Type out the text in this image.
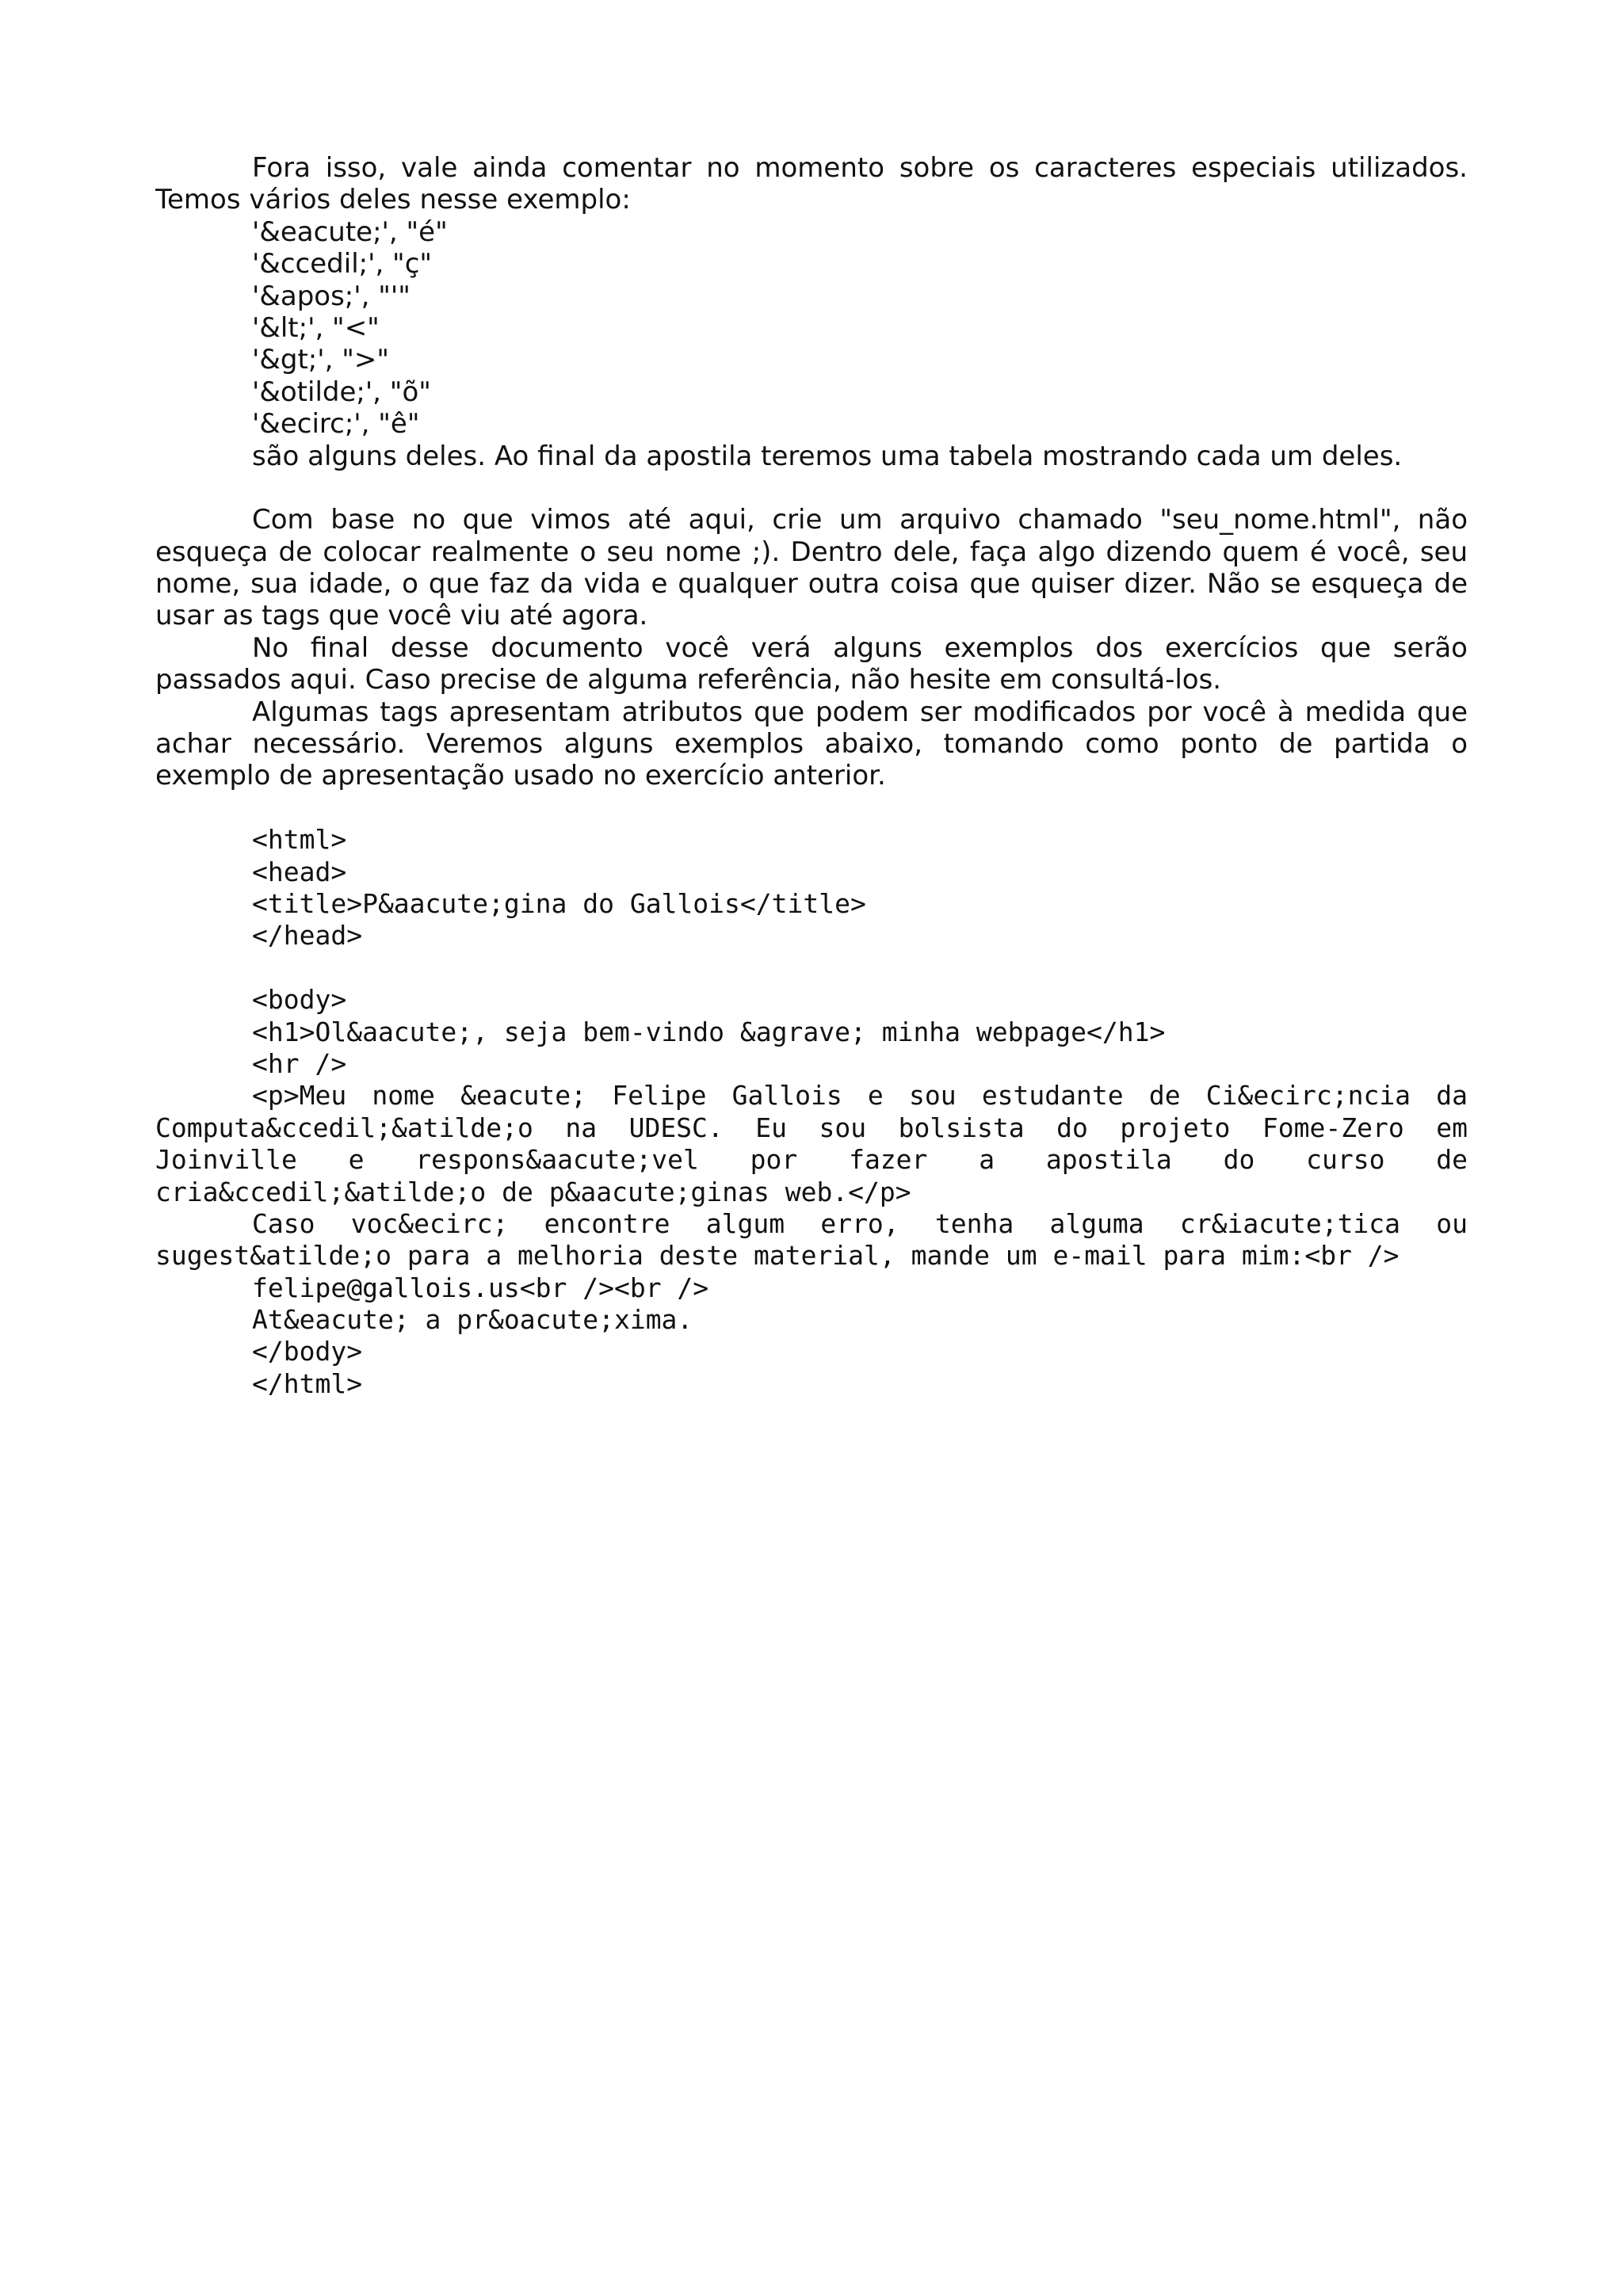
Fora isso, vale ainda comentar no momento sobre os caracteres especiais utilizados.
Temos vários deles nesse exemplo:
'&eacute;', "é"
'&ccedil;', "ç"
'&apos;', "'"
'&lt;', "<"
'&gt;', ">"
'&otilde;', "õ"
'&ecirc;', "ê"
são alguns deles. Ao final da apostila teremos uma tabela mostrando cada um deles.
Com base no que vimos até aqui, crie um arquivo chamado "seu_nome.html", não
esqueça de colocar realmente o seu nome ;). Dentro dele, faça algo dizendo quem é você, seu
nome, sua idade, o que faz da vida e qualquer outra coisa que quiser dizer. Não se esqueça de
usar as tags que você viu até agora.
No final desse documento você verá alguns exemplos dos exercícios que serão
passados aqui. Caso precise de alguma referência, não hesite em consultá-los.
Algumas tags apresentam atributos que podem ser modificados por você à medida que
achar necessário. Veremos alguns exemplos abaixo, tomando como ponto de partida o
exemplo de apresentação usado no exercício anterior.
<html>
<head>
<title>P&aacute;gina do Gallois</title>
</head>
<body>
<h1>Ol&aacute;, seja bem-vindo &agrave; minha webpage</h1>
<hr />
<p>Meu nome &eacute; Felipe Gallois e sou estudante de Ci&ecirc;ncia da
Computa&ccedil;&atilde;o na UDESC. Eu sou bolsista do projeto Fome-Zero em
Joinville e respons&aacute;vel por fazer a apostila do curso de
cria&ccedil;&atilde;o de p&aacute;ginas web.</p>
Caso voc&ecirc; encontre algum erro, tenha alguma cr&iacute;tica ou
sugest&atilde;o para a melhoria deste material, mande um e-mail para mim:<br />
felipe@gallois.us<br /><br />
At&eacute; a pr&oacute;xima.
</body>
</html>
